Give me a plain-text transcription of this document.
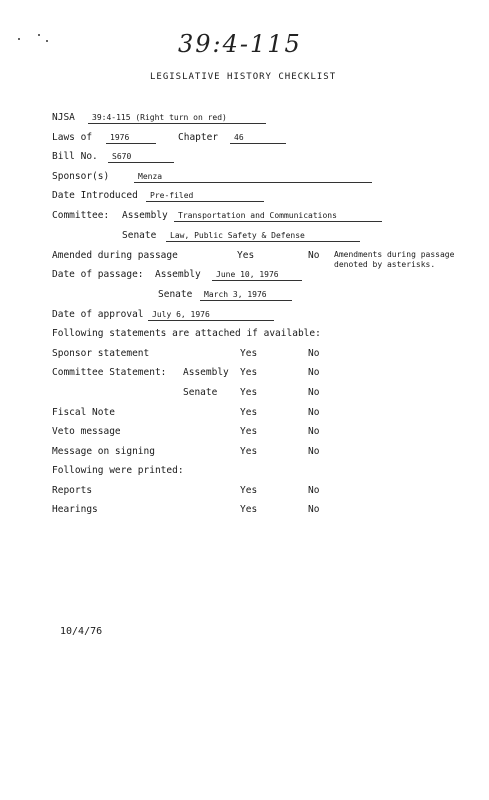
39:4-115
LEGISLATIVE HISTORY CHECKLIST
NJSA	39:4-115 (Right turn on red)
Laws of	1976	Chapter	46
Bill No.	S670
Sponsor(s)	Menza
Date Introduced	Pre-filed
Committee: Assembly	Transportation and Communications
Senate	Law, Public Safety & Defense
Amended during passage	Yes	No Amendments during passage
denoted by asterisks.
Date of passage: Assembly	June 10, 1976
Senate	March 3, 1976
Date of approval	July 6, 1976
Following statements are attached if available:
Sponsor statement	Yes	No
Committee Statement: Assembly Yes	No
Senate Yes	No
Fiscal Note	Yes	No
Veto message	Yes	No
Message on signing	Yes	No
Following were printed:
Reports	Yes	No
Hearings	Yes	No
10/4/76
